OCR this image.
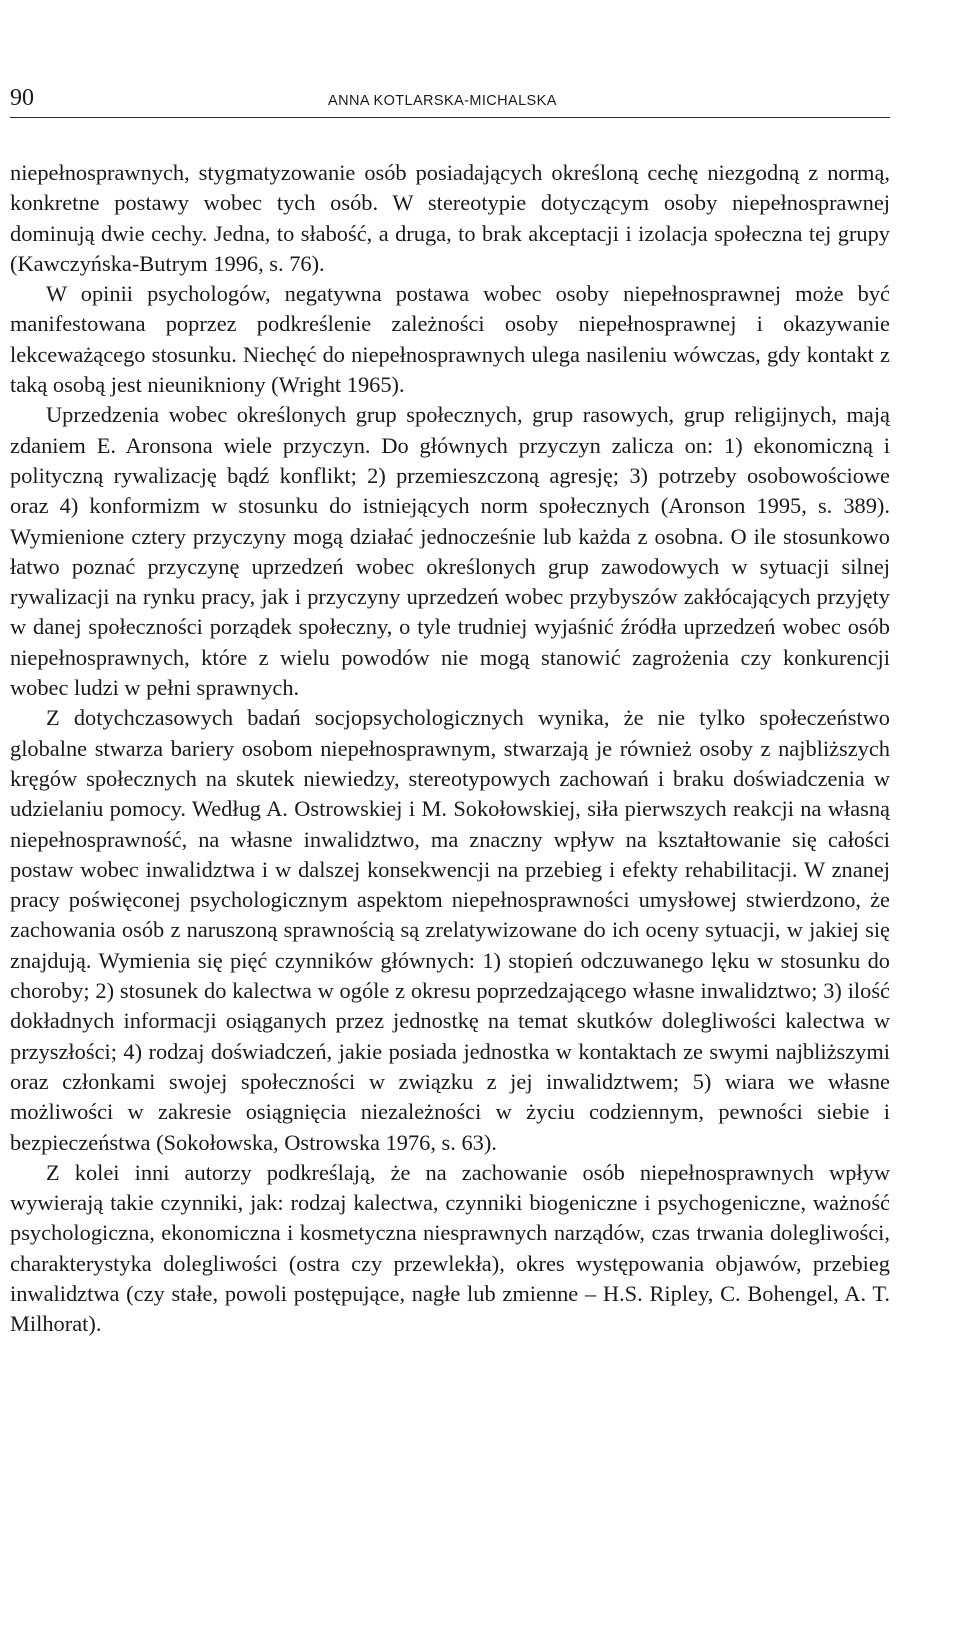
90	ANNA KOTLARSKA-MICHALSKA

niepełnosprawnych, stygmatyzowanie osób posiadających określoną cechę niezgodną z normą, konkretne postawy wobec tych osób. W stereotypie dotyczącym osoby niepełnosprawnej dominują dwie cechy. Jedna, to słabość, a druga, to brak akceptacji i izolacja społeczna tej grupy (Kawczyńska-Butrym 1996, s. 76).

W opinii psychologów, negatywna postawa wobec osoby niepełnosprawnej może być manifestowana poprzez podkreślenie zależności osoby niepełnosprawnej i okazywanie lekceważącego stosunku. Niechęć do niepełnosprawnych ulega nasileniu wówczas, gdy kontakt z taką osobą jest nieunikniony (Wright 1965).

Uprzedzenia wobec określonych grup społecznych, grup rasowych, grup religijnych, mają zdaniem E. Aronsona wiele przyczyn. Do głównych przyczyn zalicza on: 1) ekonomiczną i polityczną rywalizację bądź konflikt; 2) przemieszczoną agresję; 3) potrzeby osobowościowe oraz 4) konformizm w stosunku do istniejących norm społecznych (Aronson 1995, s. 389). Wymienione cztery przyczyny mogą działać jednocześnie lub każda z osobna. O ile stosunkowo łatwo poznać przyczynę uprzedzeń wobec określonych grup zawodowych w sytuacji silnej rywalizacji na rynku pracy, jak i przyczyny uprzedzeń wobec przybyszów zakłócających przyjęty w danej społeczności porządek społeczny, o tyle trudniej wyjaśnić źródła uprzedzeń wobec osób niepełnosprawnych, które z wielu powodów nie mogą stanowić zagrożenia czy konkurencji wobec ludzi w pełni sprawnych.

Z dotychczasowych badań socjopsychologicznych wynika, że nie tylko społeczeństwo globalne stwarza bariery osobom niepełnosprawnym, stwarzają je również osoby z najbliższych kręgów społecznych na skutek niewiedzy, stereotypowych zachowań i braku doświadczenia w udzielaniu pomocy. Według A. Ostrowskiej i M. Sokołowskiej, siła pierwszych reakcji na własną niepełnosprawność, na własne inwalidztwo, ma znaczny wpływ na kształtowanie się całości postaw wobec inwalidztwa i w dalszej konsekwencji na przebieg i efekty rehabilitacji. W znanej pracy poświęconej psychologicznym aspektom niepełnosprawności umysłowej stwierdzono, że zachowania osób z naruszoną sprawnością są zrelatywizowane do ich oceny sytuacji, w jakiej się znajdują. Wymienia się pięć czynników głównych: 1) stopień odczuwanego lęku w stosunku do choroby; 2) stosunek do kalectwa w ogóle z okresu poprzedzającego własne inwalidztwo; 3) ilość dokładnych informacji osiąganych przez jednostkę na temat skutków dolegliwości kalectwa w przyszłości; 4) rodzaj doświadczeń, jakie posiada jednostka w kontaktach ze swymi najbliższymi oraz członkami swojej społeczności w związku z jej inwalidztwem; 5) wiara we własne możliwości w zakresie osiągnięcia niezależności w życiu codziennym, pewności siebie i bezpieczeństwa (Sokołowska, Ostrowska 1976, s. 63).

Z kolei inni autorzy podkreślają, że na zachowanie osób niepełnosprawnych wpływ wywierają takie czynniki, jak: rodzaj kalectwa, czynniki biogeniczne i psychogeniczne, ważność psychologiczna, ekonomiczna i kosmetyczna niesprawnych narządów, czas trwania dolegliwości, charakterystyka dolegliwości (ostra czy przewlekła), okres występowania objawów, przebieg inwalidztwa (czy stałe, powoli postępujące, nagłe lub zmienne – H.S. Ripley, C. Bohengel, A. T. Milhorat).
